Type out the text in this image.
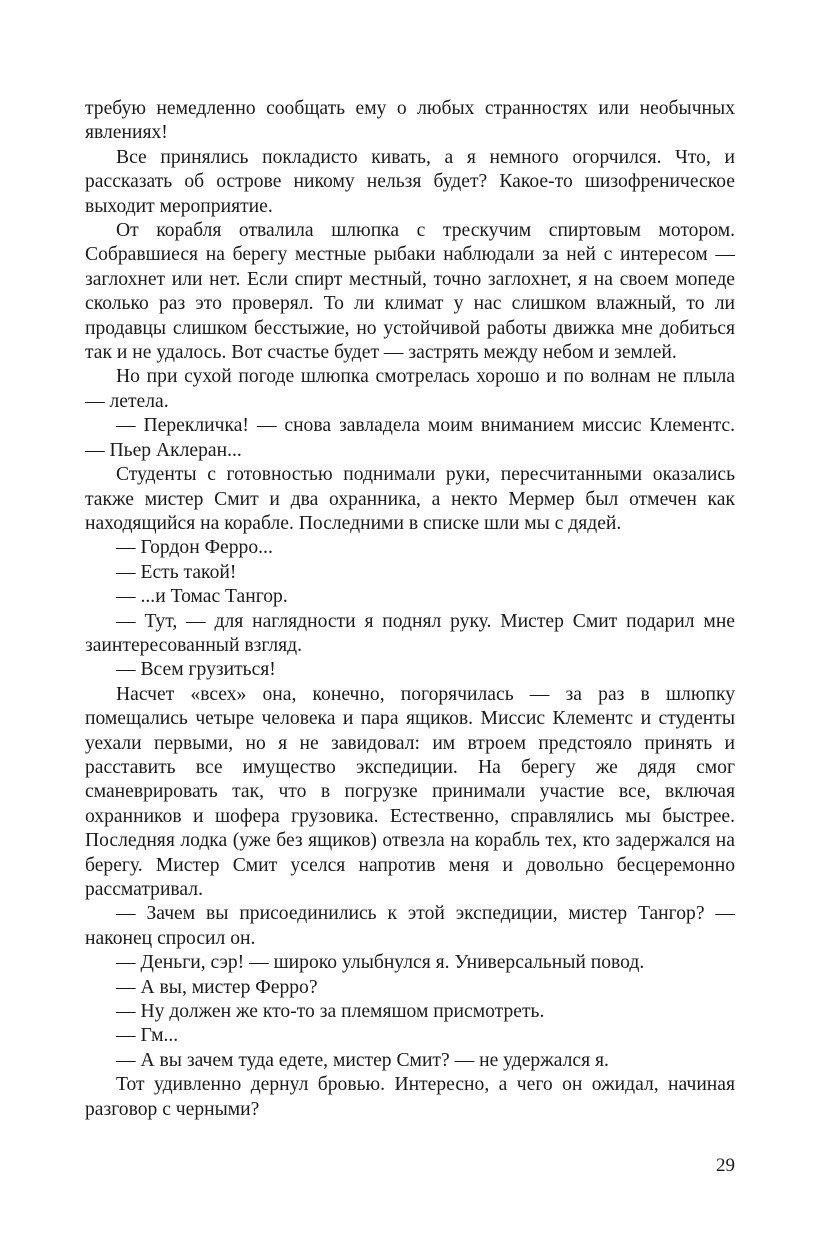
требую немедленно сообщать ему о любых странностях или необычных явлениях!

Все принялись покладисто кивать, а я немного огорчился. Что, и рассказать об острове никому нельзя будет? Какое-то шизофреническое выходит мероприятие.

От корабля отвалила шлюпка с трескучим спиртовым мотором. Собравшиеся на берегу местные рыбаки наблюдали за ней с интересом — заглохнет или нет. Если спирт местный, точно заглохнет, я на своем мопеде сколько раз это проверял. То ли климат у нас слишком влажный, то ли продавцы слишком бесстыжие, но устойчивой работы движка мне добиться так и не удалось. Вот счастье будет — застрять между небом и землей.

Но при сухой погоде шлюпка смотрелась хорошо и по волнам не плыла — летела.

— Перекличка! — снова завладела моим вниманием миссис Клементс. — Пьер Аклеран...

Студенты с готовностью поднимали руки, пересчитанными оказались также мистер Смит и два охранника, а некто Мермер был отмечен как находящийся на корабле. Последними в списке шли мы с дядей.

— Гордон Ферро...

— Есть такой!

— ...и Томас Тангор.

— Тут, — для наглядности я поднял руку. Мистер Смит подарил мне заинтересованный взгляд.

— Всем грузиться!

Насчет «всех» она, конечно, погорячилась — за раз в шлюпку помещались четыре человека и пара ящиков. Миссис Клементс и студенты уехали первыми, но я не завидовал: им втроем предстояло принять и расставить все имущество экспедиции. На берегу же дядя смог сманеврировать так, что в погрузке принимали участие все, включая охранников и шофера грузовика. Естественно, справлялись мы быстрее. Последняя лодка (уже без ящиков) отвезла на корабль тех, кто задержался на берегу. Мистер Смит уселся напротив меня и довольно бесцеремонно рассматривал.

— Зачем вы присоединились к этой экспедиции, мистер Тангор? — наконец спросил он.

— Деньги, сэр! — широко улыбнулся я. Универсальный повод.

— А вы, мистер Ферро?

— Ну должен же кто-то за племяшом присмотреть.

— Гм...

— А вы зачем туда едете, мистер Смит? — не удержался я.

Тот удивленно дернул бровью. Интересно, а чего он ожидал, начиная разговор с черными?

29
